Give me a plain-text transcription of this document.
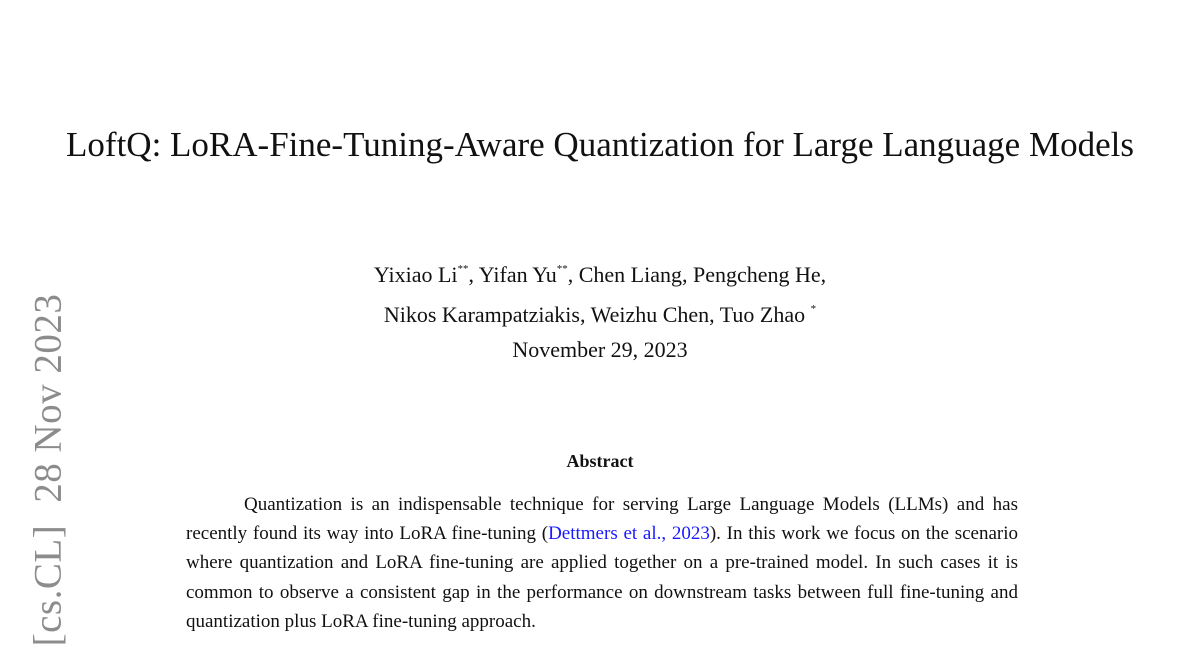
[cs.CL]28 Nov 2023
LoftQ: LoRA-Fine-Tuning-Aware Quantization for Large Language Models
Yixiao Li**, Yifan Yu**, Chen Liang, Pengcheng He,
Nikos Karampatziakis, Weizhu Chen, Tuo Zhao *
November 29, 2023
Abstract
Quantization is an indispensable technique for serving Large Language Models (LLMs) and has recently found its way into LoRA fine-tuning (Dettmers et al., 2023). In this work we focus on the scenario where quantization and LoRA fine-tuning are applied together on a pre-trained model. In such cases it is common to observe a consistent gap in the performance on downstream tasks between full fine-tuning and quantization plus LoRA fine-tuning approach.
